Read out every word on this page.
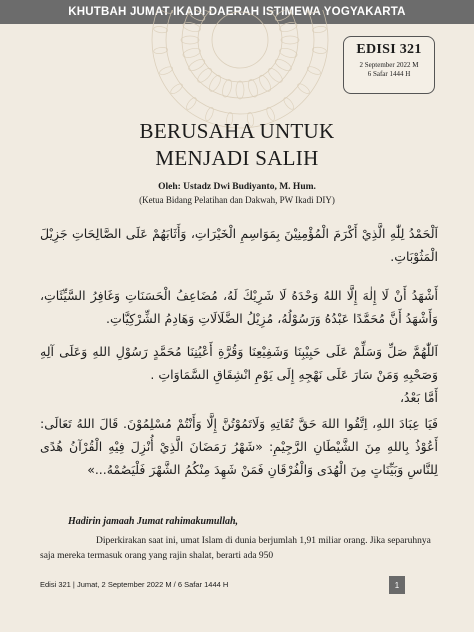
KHUTBAH JUMAT IKADI DAERAH ISTIMEWA YOGYAKARTA
EDISI 321
2 September 2022 M
6 Safar 1444 H
BERUSAHA UNTUK
MENJADI SALIH
Oleh: Ustadz Dwi Budiyanto, M. Hum.
(Ketua Bidang Pelatihan dan Dakwah, PW Ikadi DIY)
اَلْحَمْدُ لِلّٰهِ الَّذِيْ أَكْرَمَ الْمُؤْمِنِيْنَ بِمَوَاسِمِ الْخَيْرَاتِ، وَأَثَابَهُمْ عَلَى الصَّالِحَاتِ جَزِيْلَ الْمَثُوْبَاتِ.
أَشْهَدُ أَنْ لَا إِلٰهَ إِلَّا اللهُ وَحْدَهُ لَا شَرِيْكَ لَهُ، مُضَاعِفُ الْحَسَنَاتِ وَغَافِرُ السَّيِّئَاتِ، وَأَشْهَدُ أَنَّ مُحَمَّدًا عَبْدُهُ وَرَسُوْلُهُ، مُزِيْلُ الضَّلَالَاتِ وَهَادِمُ الشِّرْكِيَّاتِ.
اَللّٰهُمَّ صَلِّ وَسَلِّمْ عَلَى حَبِيْبِنَا وَشَفِيْعِنَا وَقُرَّةِ أَعْيُنِنَا مُحَمَّدٍ رَسُوْلِ اللهِ وَعَلَى آلِهِ وَصَحْبِهِ وَمَنْ سَارَ عَلَى نَهْجِهِ إِلَى يَوْمِ انْشِقَاقِ السَّمَاوَاتِ .
أَمَّا بَعْدُ،
فَيَا عِبَادَ اللهِ، اِتَّقُوا اللهَ حَقَّ تُقَاتِهِ وَلَاتَمُوْتُنَّ إِلَّا وَأَنْتُمْ مُسْلِمُوْنَ. قَالَ اللهُ تَعَالَى: أَعُوْذُ بِاللهِ مِنَ الشَّيْطَانِ الرَّجِيْمِ: «شَهْرُ رَمَضَانَ الَّذِيْ أُنْزِلَ فِيْهِ الْقُرْآنُ هُدًى لِلنَّاسِ وَبَيِّنَاتٍ مِنَ الْهُدَى وَالْفُرْقَانِ فَمَنْ شَهِدَ مِنْكُمُ الشَّهْرَ فَلْيَصُمْهُ...»
Hadirin jamaah Jumat rahimakumullah,
Diperkirakan saat ini, umat Islam di dunia berjumlah 1,91 miliar orang. Jika separuhnya saja mereka termasuk orang yang rajin shalat, berarti ada 950
Edisi 321 | Jumat, 2 September 2022 M / 6 Safar 1444 H	1
